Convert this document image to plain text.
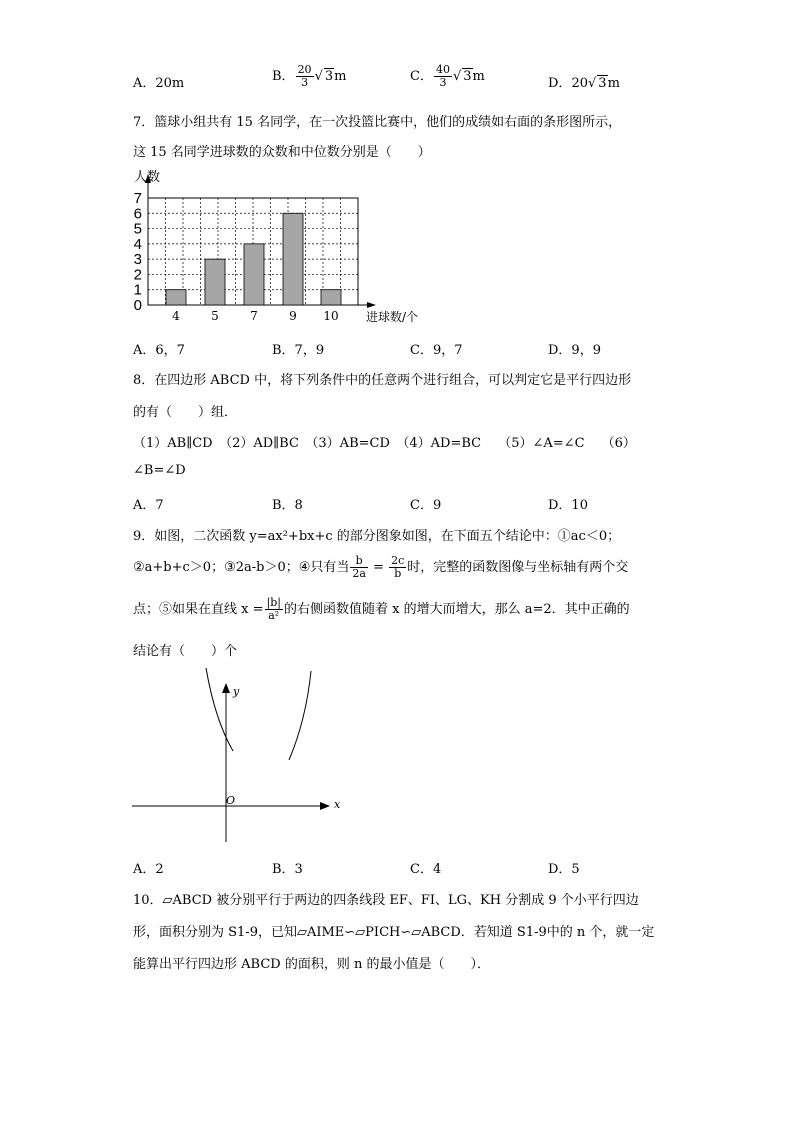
A．20m	B． $\frac{20}{3}$ √ 3m	C． $\frac{40}{3}$ √ 3m	D．20√ 3m
7．篮球小组共有 15 名同学，在一次投篮比赛中，他们的成绩如右面的条形图所示，
这 15 名同学进球数的众数和中位数分别是（　　）
0
1
2
3
4
5
6
7
人数
进球数/个
4	5	7	9 10
A．6，7	B．7，9	C．9，7	D．9，9
8．在四边形 ABCD 中，将下列条件中的任意两个进行组合，可以判定它是平行四边形
的有（　　）组．
（1）AB∥CD　（2）AD∥BC　（3）AB=CD　（4）AD=BC　 （5）∠A=∠C　 （6）
∠B=∠D
A．7	B．8	C．9	D．10
9．如图，二次函数 y=ax²+bx+c 的部分图象如图，在下面五个结论中：①ac＜0；
②a+b+c＞0；③2a-b＞0；④只有当 $\frac{b}{2a} = \frac{2c}{b}$ 时，完整的函数图像与坐标轴有两个交
点；⑤如果在直线 $x = \frac{|b|}{\text{a²}}$ 的右侧函数值随着 x 的增大而增大，那么 a=2．其中正确的
结论有（　　）个
y
x
O
A．2	B．3	C．4	D．5
10．▱ABCD 被分别平行于两边的四条线段 EF、FI、LG、KH 分割成 9 个小平行四边
形，面积分别为 S1-9，已知▱AIME∽▱PICH∽▱ABCD．若知道 S1-9中的 n 个，就一定
能算出平行四边形 ABCD 的面积，则 n 的最小值是（　　）．
